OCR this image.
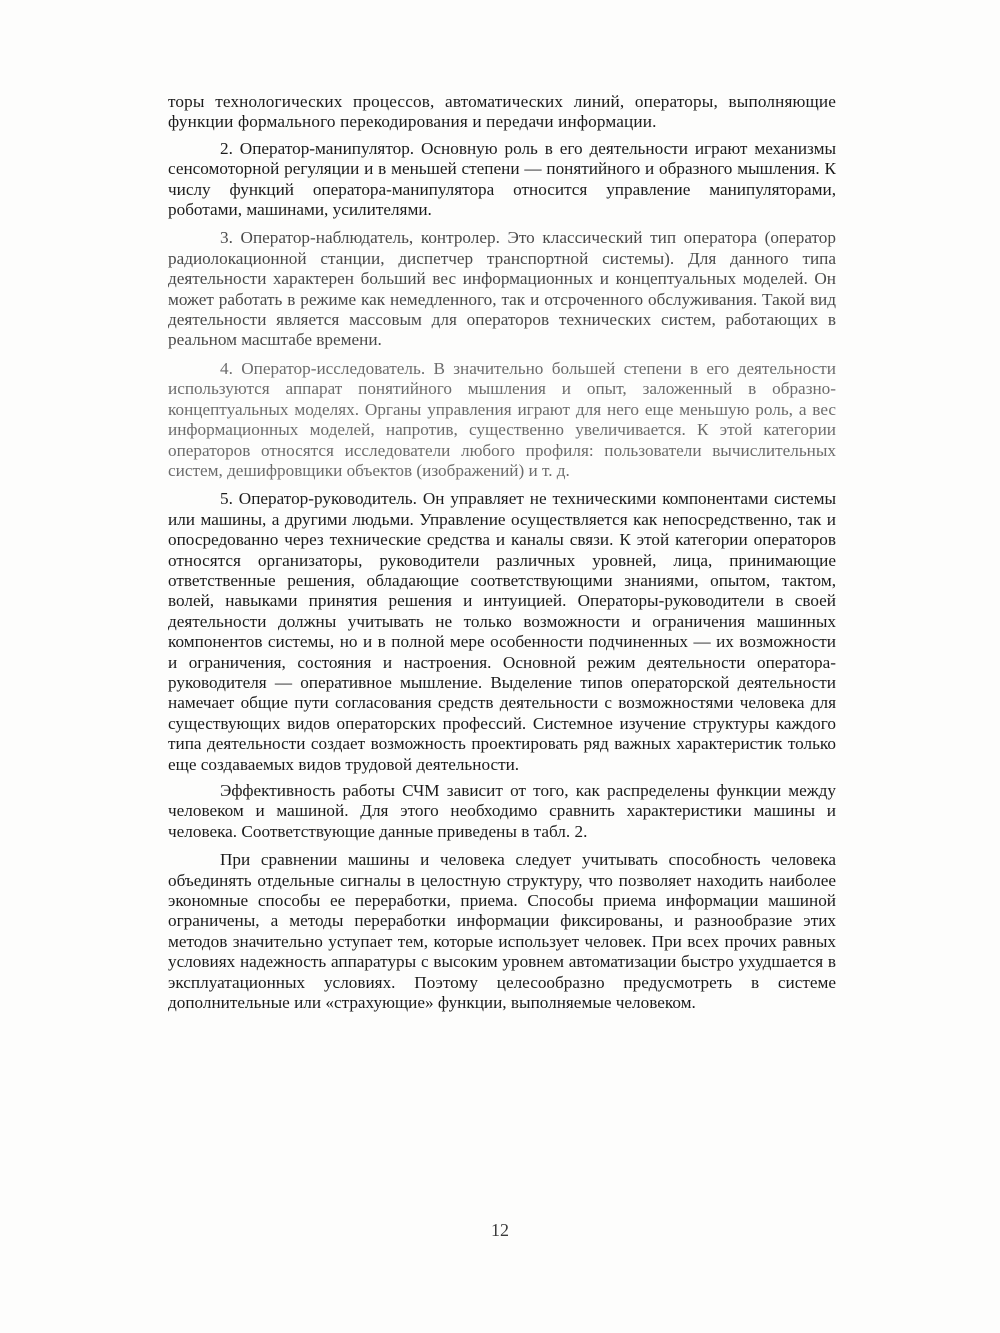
торы технологических процессов, автоматических линий, операторы, выполняющие функции формального перекодирования и передачи информации.

2. Оператор-манипулятор. Основную роль в его деятельности играют механизмы сенсомоторной регуляции и в меньшей степени — понятийного и образного мышления. К числу функций оператора-манипулятора относится управление манипуляторами, роботами, машинами, усилителями.

3. Оператор-наблюдатель, контролер. Это классический тип оператора (оператор радиолокационной станции, диспетчер транспортной системы). Для данного типа деятельности характерен больший вес информационных и концептуальных моделей. Он может работать в режиме как немедленного, так и отсроченного обслуживания. Такой вид деятельности является массовым для операторов технических систем, работающих в реальном масштабе времени.

4. Оператор-исследователь. В значительно большей степени в его деятельности используются аппарат понятийного мышления и опыт, заложенный в образно-концептуальных моделях. Органы управления играют для него еще меньшую роль, а вес информационных моделей, напротив, существенно увеличивается. К этой категории операторов относятся исследователи любого профиля: пользователи вычислительных систем, дешифровщики объектов (изображений) и т. д.

5. Оператор-руководитель. Он управляет не техническими компонентами системы или машины, а другими людьми. Управление осуществляется как непосредственно, так и опосредованно через технические средства и каналы связи. К этой категории операторов относятся организаторы, руководители различных уровней, лица, принимающие ответственные решения, обладающие соответствующими знаниями, опытом, тактом, волей, навыками принятия решения и интуицией. Операторы-руководители в своей деятельности должны учитывать не только возможности и ограничения машинных компонентов системы, но и в полной мере особенности подчиненных — их возможности и ограничения, состояния и настроения. Основной режим деятельности оператора-руководителя — оперативное мышление. Выделение типов операторской деятельности намечает общие пути согласования средств деятельности с возможностями человека для существующих видов операторских профессий. Системное изучение структуры каждого типа деятельности создает возможность проектировать ряд важных характеристик только еще создаваемых видов трудовой деятельности.

Эффективность работы СЧМ зависит от того, как распределены функции между человеком и машиной. Для этого необходимо сравнить характеристики машины и человека. Соответствующие данные приведены в табл. 2.

При сравнении машины и человека следует учитывать способность человека объединять отдельные сигналы в целостную структуру, что позволяет находить наиболее экономные способы ее переработки, приема. Способы приема информации машиной ограничены, а методы переработки информации фиксированы, и разнообразие этих методов значительно уступает тем, которые использует человек. При всех прочих равных условиях надежность аппаратуры с высоким уровнем автоматизации быстро ухудшается в эксплуатационных условиях. Поэтому целесообразно предусмотреть в системе дополнительные или «страхующие» функции, выполняемые человеком.

12
